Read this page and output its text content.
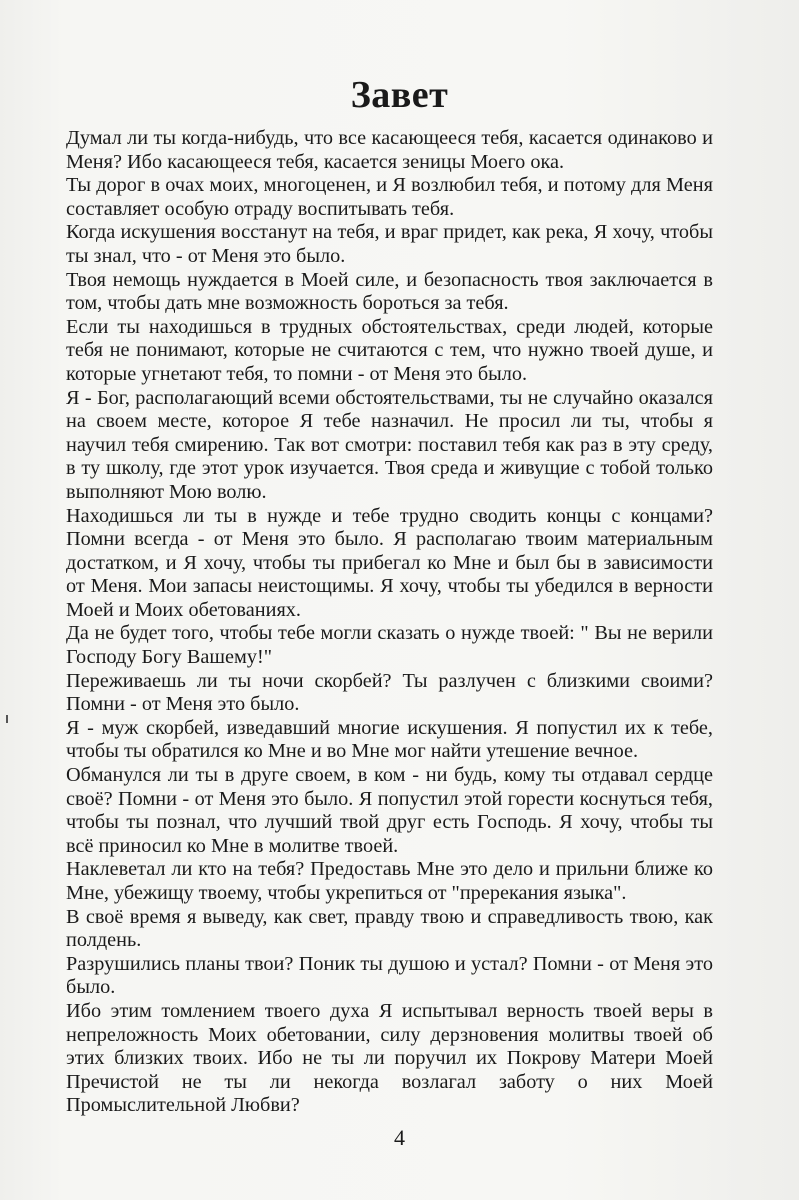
Завет

Думал ли ты когда-нибудь, что все касающееся тебя, касается одинаково и Меня? Ибо касающееся тебя, касается зеницы Моего ока.

Ты дорог в очах моих, многоценен, и Я возлюбил тебя, и потому для Меня составляет особую отраду воспитывать тебя.

Когда искушения восстанут на тебя, и враг придет, как река, Я хочу, чтобы ты знал, что - от Меня это было.

Твоя немощь нуждается в Моей силе, и безопасность твоя заключается в том, чтобы дать мне возможность бороться за тебя.

Если ты находишься в трудных обстоятельствах, среди людей, которые тебя не понимают, которые не считаются с тем, что нужно твоей душе, и которые угнетают тебя, то помни - от Меня это было.

Я - Бог, располагающий всеми обстоятельствами, ты не случайно оказался на своем месте, которое Я тебе назначил. Не просил ли ты, чтобы я научил тебя смирению. Так вот смотри: поставил тебя как раз в эту среду, в ту школу, где этот урок изучается. Твоя среда и живущие с тобой только выполняют Мою волю.

Находишься ли ты в нужде и тебе трудно сводить концы с концами? Помни всегда - от Меня это было. Я располагаю твоим материальным достатком, и Я хочу, чтобы ты прибегал ко Мне и был бы в зависимости от Меня. Мои запасы неистощимы. Я хочу, чтобы ты убедился в верности Моей и Моих обетованиях.

Да не будет того, чтобы тебе могли сказать о нужде твоей: " Вы не верили Господу Богу Вашему!"

Переживаешь ли ты ночи скорбей? Ты разлучен с близкими своими? Помни - от Меня это было.

Я - муж скорбей, изведавший многие искушения. Я попустил их к тебе, чтобы ты обратился ко Мне и во Мне мог найти утешение вечное.

Обманулся ли ты в друге своем, в ком - ни будь, кому ты отдавал сердце своё? Помни - от Меня это было. Я попустил этой горести коснуться тебя, чтобы ты познал, что лучший твой друг есть Господь. Я хочу, чтобы ты всё приносил ко Мне в молитве твоей.

Наклеветал ли кто на тебя? Предоставь Мне это дело и прильни ближе ко Мне, убежищу твоему, чтобы укрепиться от "пререкания языка".

В своё время я выведу, как свет, правду твою и справедливость твою, как полдень.

Разрушились планы твои? Поник ты душою и устал? Помни - от Меня это было.

Ибо этим томлением твоего духа Я испытывал верность твоей веры в непреложность Моих обетовании, силу дерзновения молитвы твоей об этих близких твоих. Ибо не ты ли поручил их Покрову Матери Моей Пречистой не ты ли некогда возлагал заботу о них Моей Промыслительной Любви?

4
